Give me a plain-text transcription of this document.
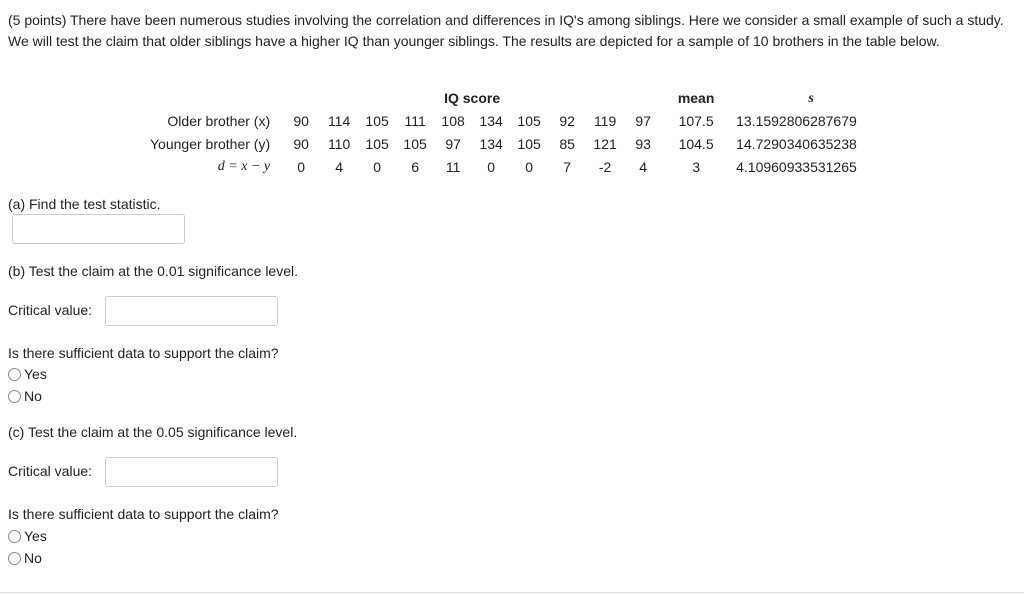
(5 points) There have been numerous studies involving the correlation and differences in IQ's among siblings. Here we consider a small example of such a study. We will test the claim that older siblings have a higher IQ than younger siblings. The results are depicted for a sample of 10 brothers in the table below.
					IQ score						mean	s
Older brother (x)	90	114	105	111	108	134	105	92	119	97	107.5	13.1592806287679
Younger brother (y)	90	110	105	105	97	134	105	85	121	93	104.5	14.7290340635238
d = x − y	0	4	0	6	11	0	0	7	-2	4	3	4.10960933531265
(a) Find the test statistic.
(b) Test the claim at the 0.01 significance level.
Critical value:
Is there sufficient data to support the claim?
Yes
No
(c) Test the claim at the 0.05 significance level.
Critical value:
Is there sufficient data to support the claim?
Yes
No
